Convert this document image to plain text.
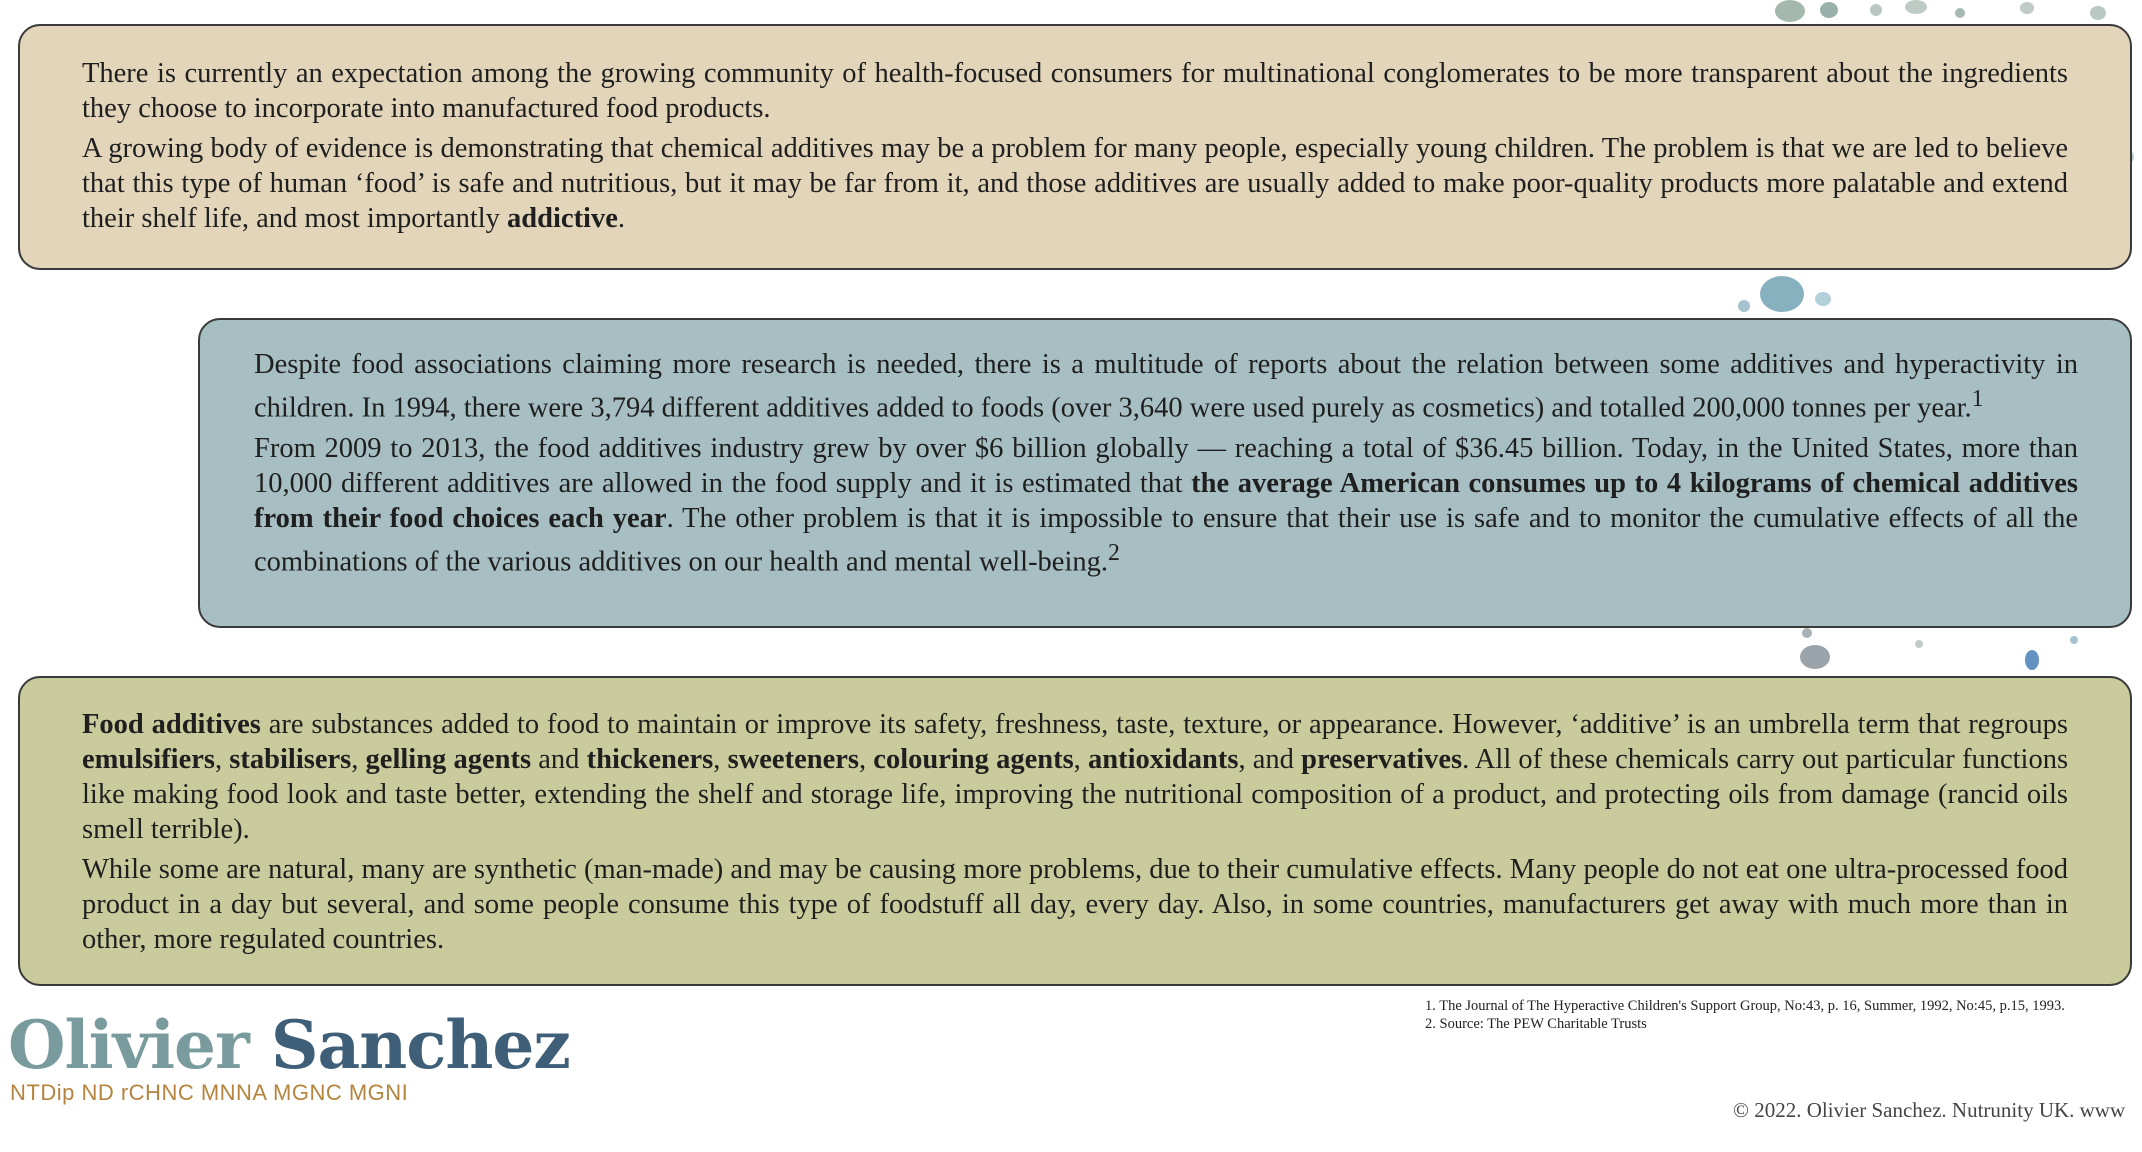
There is currently an expectation among the growing community of health-focused consumers for multinational conglomerates to be more transparent about the ingredients they choose to incorporate into manufactured food products.

A growing body of evidence is demonstrating that chemical additives may be a problem for many people, especially young children. The problem is that we are led to believe that this type of human ‘food’ is safe and nutritious, but it may be far from it, and those additives are usually added to make poor-quality products more palatable and extend their shelf life, and most importantly addictive.

Despite food associations claiming more research is needed, there is a multitude of reports about the relation between some additives and hyperactivity in children. In 1994, there were 3,794 different additives added to foods (over 3,640 were used purely as cosmetics) and totalled 200,000 tonnes per year.$^1$

From 2009 to 2013, the food additives industry grew by over $6 billion globally — reaching a total of $36.45 billion. Today, in the United States, more than 10,000 different additives are allowed in the food supply and it is estimated that the average American consumes up to 4 kilograms of chemical additives from their food choices each year. The other problem is that it is impossible to ensure that their use is safe and to monitor the cumulative effects of all the combinations of the various additives on our health and mental well-being.$^2$

Food additives are substances added to food to maintain or improve its safety, freshness, taste, texture, or appearance. However, ‘additive’ is an umbrella term that regroups emulsifiers, stabilisers, gelling agents and thickeners, sweeteners, colouring agents, antioxidants, and preservatives. All of these chemicals carry out particular functions like making food look and taste better, extending the shelf and storage life, improving the nutritional composition of a product, and protecting oils from damage (rancid oils smell terrible).

While some are natural, many are synthetic (man-made) and may be causing more problems, due to their cumulative effects. Many people do not eat one ultra-processed food product in a day but several, and some people consume this type of foodstuff all day, every day. Also, in some countries, manufacturers get away with much more than in other, more regulated countries.

Olivier Sanchez
NTDip ND rCHNC MNNA MGNC MGNI
1. The Journal of The Hyperactive Children's Support Group, No:43, p. 16, Summer, 1992, No:45, p.15, 1993.
2. Source: The PEW Charitable Trusts
© 2022. Olivier Sanchez. Nutrunity UK. www
